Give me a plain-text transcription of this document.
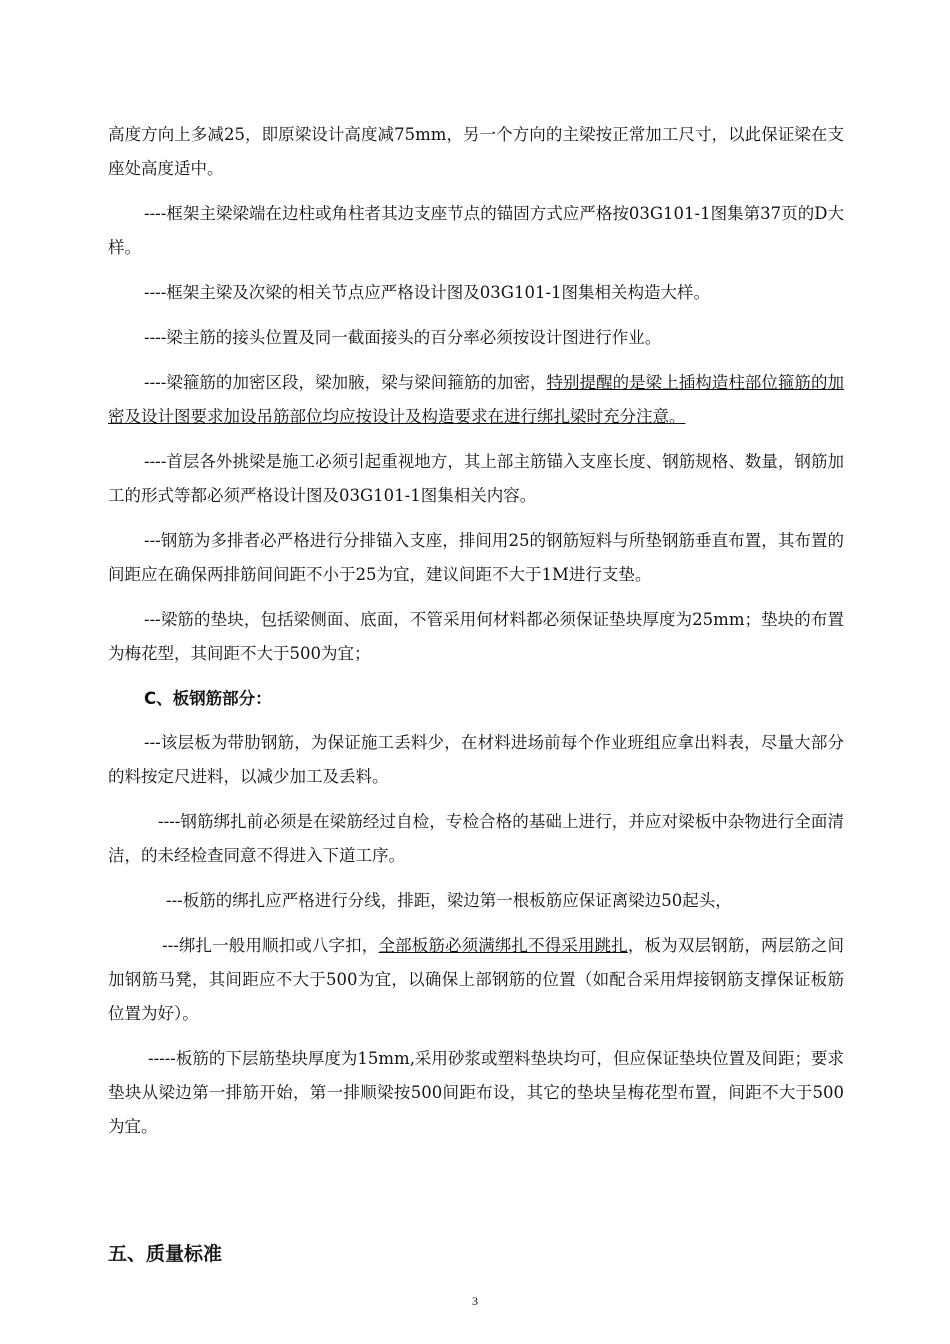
高度方向上多减25，即原梁设计高度减75mm，另一个方向的主梁按正常加工尺寸，以此保证梁在支座处高度适中。

----框架主梁梁端在边柱或角柱者其边支座节点的锚固方式应严格按03G101-1图集第37页的D大样。

----框架主梁及次梁的相关节点应严格设计图及03G101-1图集相关构造大样。

----梁主筋的接头位置及同一截面接头的百分率必须按设计图进行作业。

----梁箍筋的加密区段，梁加腋，梁与梁间箍筋的加密，特别提醒的是梁上插构造柱部位箍筋的加密及设计图要求加设吊筋部位均应按设计及构造要求在进行绑扎梁时充分注意。

----首层各外挑梁是施工必须引起重视地方，其上部主筋锚入支座长度、钢筋规格、数量，钢筋加工的形式等都必须严格设计图及03G101-1图集相关内容。

---钢筋为多排者必严格进行分排锚入支座，排间用25的钢筋短料与所垫钢筋垂直布置，其布置的间距应在确保两排筋间间距不小于25为宜，建议间距不大于1M进行支垫。

---梁筋的垫块，包括梁侧面、底面，不管采用何材料都必须保证垫块厚度为25mm；垫块的布置为梅花型，其间距不大于500为宜；

C、板钢筋部分：

---该层板为带肋钢筋，为保证施工丢料少，在材料进场前每个作业班组应拿出料表，尽量大部分的料按定尺进料，以减少加工及丢料。

----钢筋绑扎前必须是在梁筋经过自检，专检合格的基础上进行，并应对梁板中杂物进行全面清洁，的未经检查同意不得进入下道工序。

---板筋的绑扎应严格进行分线，排距，梁边第一根板筋应保证离梁边50起头，

---绑扎一般用顺扣或八字扣，全部板筋必须满绑扎不得采用跳扎，板为双层钢筋，两层筋之间加钢筋马凳，其间距应不大于500为宜，以确保上部钢筋的位置（如配合采用焊接钢筋支撑保证板筋位置为好）。

-----板筋的下层筋垫块厚度为15mm,采用砂浆或塑料垫块均可，但应保证垫块位置及间距；要求垫块从梁边第一排筋开始，第一排顺梁按500间距布设，其它的垫块呈梅花型布置，间距不大于500为宜。

五、质量标准
3
